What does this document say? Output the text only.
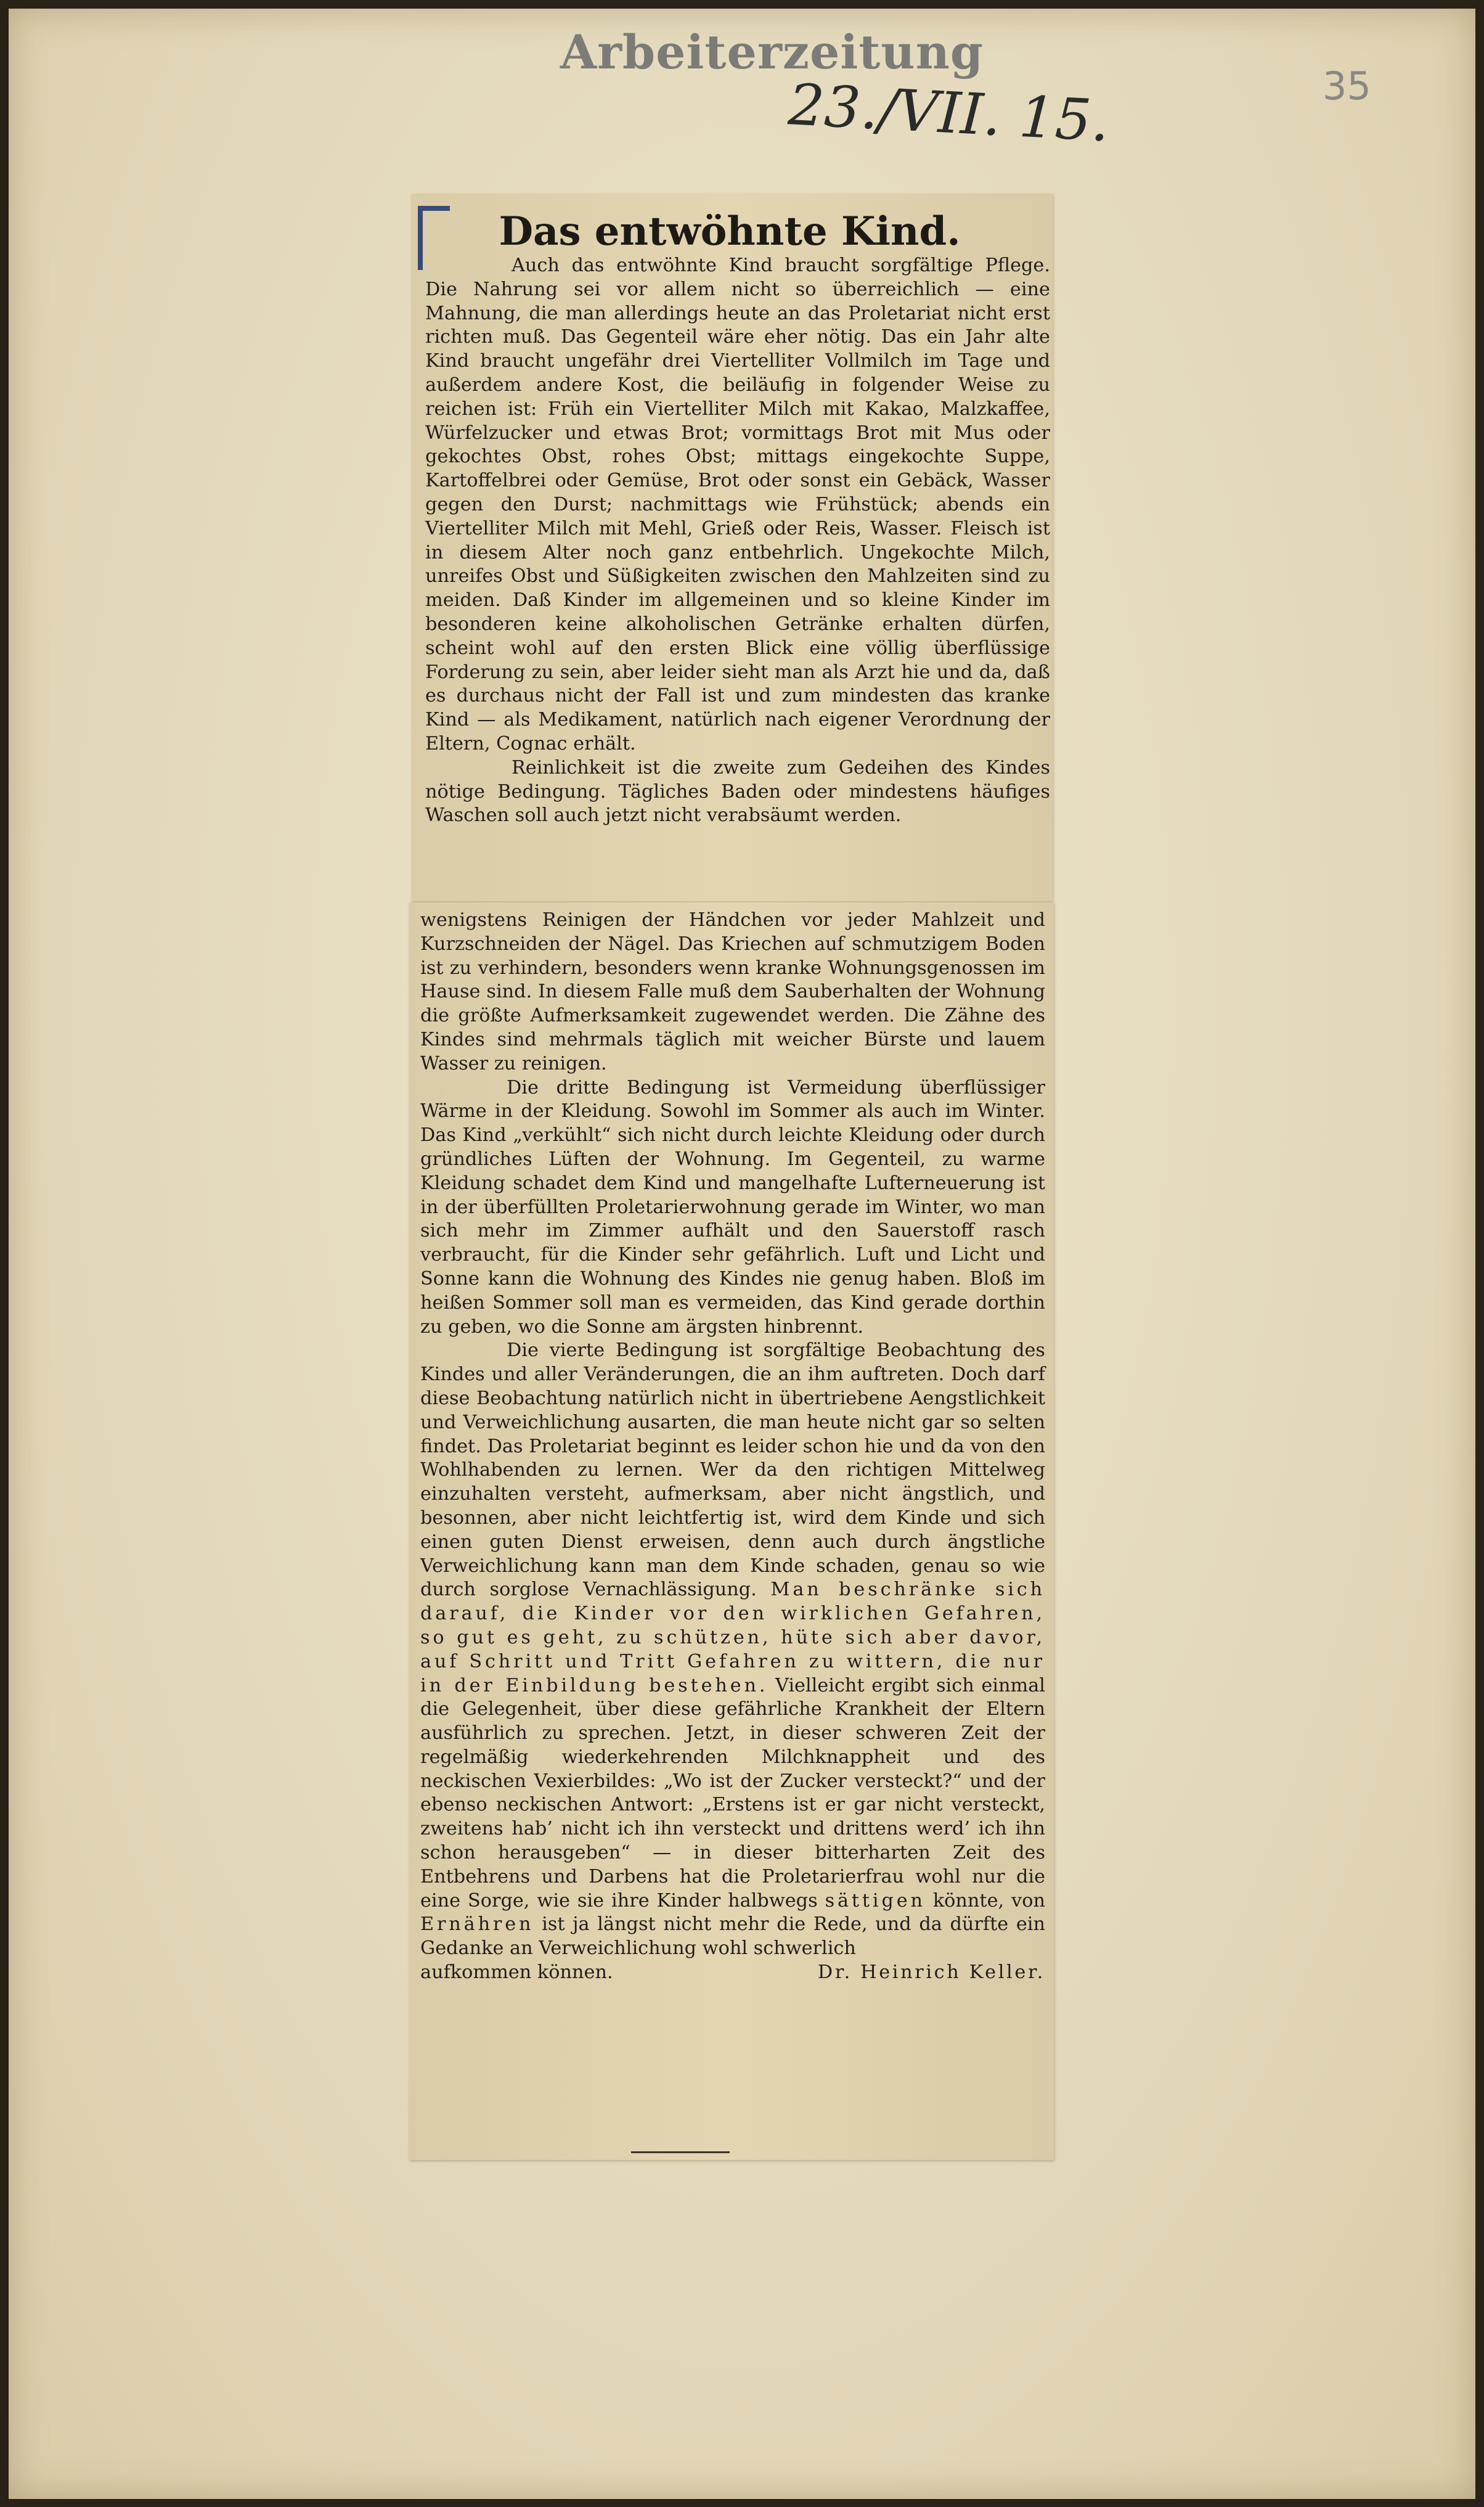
Arbeiterzeitung
23./VII. 15.	35
Das entwöhnte Kind.

Auch das entwöhnte Kind braucht sorgfältige Pflege. Die Nahrung sei vor allem nicht so überreichlich — eine Mahnung, die man allerdings heute an das Proletariat nicht erst richten muß. Das Gegenteil wäre eher nötig. Das ein Jahr alte Kind braucht ungefähr drei Viertelliter Vollmilch im Tage und außerdem andere Kost, die beiläufig in folgender Weise zu reichen ist: Früh ein Viertelliter Milch mit Kakao, Malzkaffee, Würfelzucker und etwas Brot; vormittags Brot mit Mus oder gekochtes Obst, rohes Obst; mittags eingekochte Suppe, Kartoffelbrei oder Gemüse, Brot oder sonst ein Gebäck, Wasser gegen den Durst; nachmittags wie Frühstück; abends ein Viertelliter Milch mit Mehl, Grieß oder Reis, Wasser. Fleisch ist in diesem Alter noch ganz entbehrlich. Ungekochte Milch, unreifes Obst und Süßigkeiten zwischen den Mahlzeiten sind zu meiden. Daß Kinder im allgemeinen und so kleine Kinder im besonderen keine alkoholischen Getränke erhalten dürfen, scheint wohl auf den ersten Blick eine völlig überflüssige Forderung zu sein, aber leider sieht man als Arzt hie und da, daß es durchaus nicht der Fall ist und zum mindesten das kranke Kind — als Medikament, natürlich nach eigener Verordnung der Eltern, Cognac erhält.

Reinlichkeit ist die zweite zum Gedeihen des Kindes nötige Bedingung. Tägliches Baden oder mindestens häufiges Waschen soll auch jetzt nicht verabsäumt werden.

wenigstens Reinigen der Händchen vor jeder Mahlzeit und Kurzschneiden der Nägel. Das Kriechen auf schmutzigem Boden ist zu verhindern, besonders wenn kranke Wohnungsgenossen im Hause sind. In diesem Falle muß dem Sauberhalten der Wohnung die größte Aufmerksamkeit zugewendet werden. Die Zähne des Kindes sind mehrmals täglich mit weicher Bürste und lauem Wasser zu reinigen.

Die dritte Bedingung ist Vermeidung überflüssiger Wärme in der Kleidung. Sowohl im Sommer als auch im Winter. Das Kind „verkühlt“ sich nicht durch leichte Kleidung oder durch gründliches Lüften der Wohnung. Im Gegenteil, zu warme Kleidung schadet dem Kind und mangelhafte Lufterneuerung ist in der überfüllten Proletarierwohnung gerade im Winter, wo man sich mehr im Zimmer aufhält und den Sauerstoff rasch verbraucht, für die Kinder sehr gefährlich. Luft und Licht und Sonne kann die Wohnung des Kindes nie genug haben. Bloß im heißen Sommer soll man es vermeiden, das Kind gerade dorthin zu geben, wo die Sonne am ärgsten hinbrennt.

Die vierte Bedingung ist sorgfältige Beobachtung des Kindes und aller Veränderungen, die an ihm auftreten. Doch darf diese Beobachtung natürlich nicht in übertriebene Aengstlichkeit und Verweichlichung ausarten, die man heute nicht gar so selten findet. Das Proletariat beginnt es leider schon hie und da von den Wohlhabenden zu lernen. Wer da den richtigen Mittelweg einzuhalten versteht, aufmerksam, aber nicht ängstlich, und besonnen, aber nicht leichtfertig ist, wird dem Kinde und sich einen guten Dienst erweisen, denn auch durch ängstliche Verweichlichung kann man dem Kinde schaden, genau so wie durch sorglose Vernachlässigung. Man beschränke sich darauf, die Kinder vor den wirklichen Gefahren, so gut es geht, zu schützen, hüte sich aber davor, auf Schritt und Tritt Gefahren zu wittern, die nur in der Einbildung bestehen. Vielleicht ergibt sich einmal die Gelegenheit, über diese gefährliche Krankheit der Eltern ausführlich zu sprechen. Jetzt, in dieser schweren Zeit der regelmäßig wiederkehrenden Milchknappheit und des neckischen Vexierbildes: „Wo ist der Zucker versteckt?“ und der ebenso neckischen Antwort: „Erstens ist er gar nicht versteckt, zweitens hab’ nicht ich ihn versteckt und drittens werd’ ich ihn schon herausgeben“ — in dieser bitterharten Zeit des Entbehrens und Darbens hat die Proletarierfrau wohl nur die eine Sorge, wie sie ihre Kinder halbwegs sättigen könnte, von Ernähren ist ja längst nicht mehr die Rede, und da dürfte ein Gedanke an Verweichlichung wohl schwerlich

aufkommen können.	Dr. Heinrich Keller.
